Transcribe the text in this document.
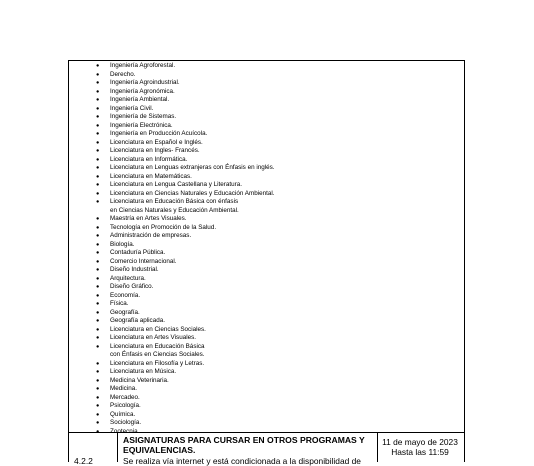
● Ingeniería Agroforestal.
● Derecho.
● Ingeniería Agroindustrial.
● Ingeniería Agronómica.
● Ingeniería Ambiental.
● Ingeniería Civil.
● Ingeniería de Sistemas.
● Ingeniería Electrónica.
● Ingeniería en Producción Acuícola.
● Licenciatura en Español e Inglés.
● Licenciatura en Ingles- Francés.
● Licenciatura en Informática.
● Licenciatura en Lenguas extranjeras con Énfasis en inglés.
● Licenciatura en Matemáticas.
● Licenciatura en Lengua Castellana y Literatura.
● Licenciatura en Ciencias Naturales y Educación Ambiental.
● Licenciatura en Educación Básica con énfasis
en Ciencias Naturales y Educación Ambiental.
● Maestría en Artes Visuales.
● Tecnología en Promoción de la Salud.
● Administración de empresas.
● Biología.
● Contaduría Pública.
● Comercio Internacional.
● Diseño Industrial.
● Arquitectura.
● Diseño Gráfico.
● Economía.
● Física.
● Geografía.
● Geografía aplicada.
● Licenciatura en Ciencias Sociales.
● Licenciatura en Artes Visuales.
● Licenciatura en Educación Básica
con Énfasis en Ciencias Sociales.
● Licenciatura en Filosofía y Letras.
● Licenciatura en Música.
● Medicina Veterinaria.
● Medicina.
● Mercadeo.
● Psicología.
● Química.
● Sociología.
● Zootecnia.
4.2.2
ASIGNATURAS PARA CURSAR EN OTROS PROGRAMAS Y EQUIVALENCIAS.
Se realiza vía internet y está condicionada a la disponibilidad de
11 de mayo de 2023
Hasta las 11:59
